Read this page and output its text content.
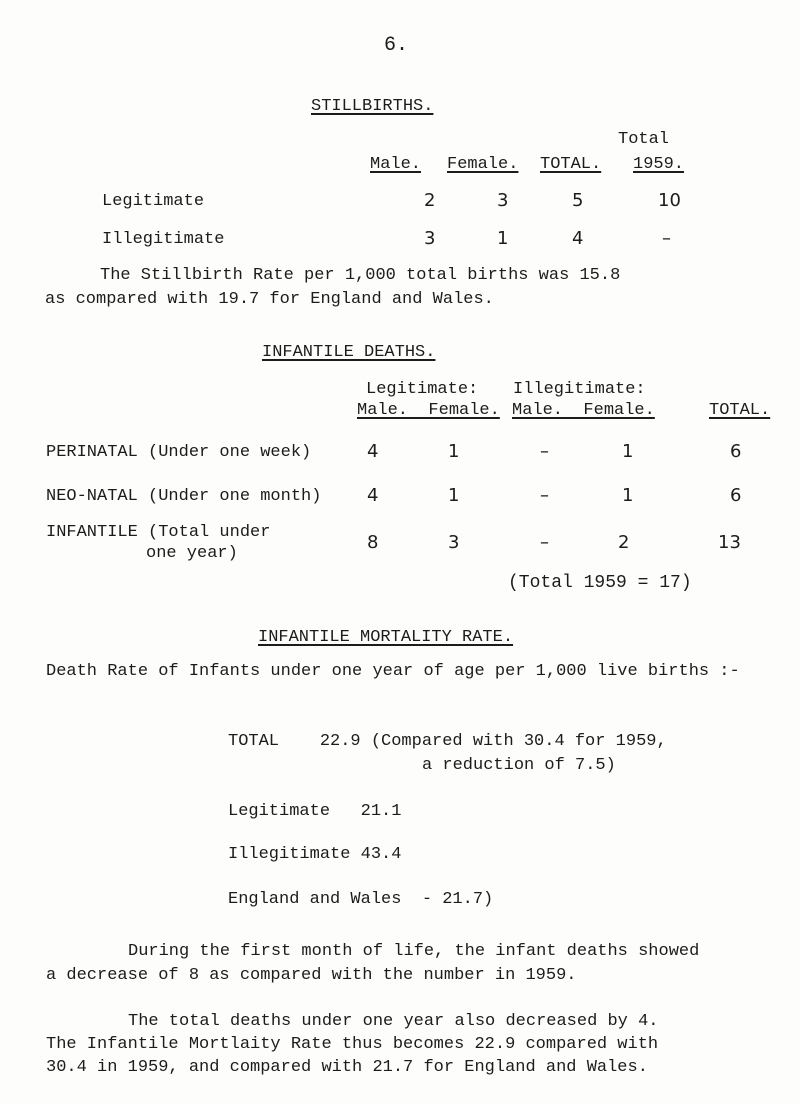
6.
STILLBIRTHS.
Total
Male. Female. TOTAL. 1959.
Legitimate	2	3	5	10
Illegitimate	3	1	4	–
The Stillbirth Rate per 1,000 total births was 15.8
as compared with 19.7 for England and Wales.
INFANTILE DEATHS.
Legitimate: Illegitimate:
Male.  Female. Male.  Female.	TOTAL.
PERINATAL (Under one week)	4	1	–	1	6
NEO-NATAL (Under one month)	4	1	–	1	6
INFANTILE (Total under
one year)
8	3	–	2	13
(Total 1959 = 17)
INFANTILE MORTALITY RATE.
Death Rate of Infants under one year of age per 1,000 live births :-
TOTAL    22.9 (Compared with 30.4 for 1959,
a reduction of 7.5)
Legitimate   21.1
Illegitimate 43.4
England and Wales  - 21.7)
During the first month of life, the infant deaths showed
a decrease of 8 as compared with the number in 1959.
The total deaths under one year also decreased by 4.
The Infantile Mortlaity Rate thus becomes 22.9 compared with
30.4 in 1959, and compared with 21.7 for England and Wales.
